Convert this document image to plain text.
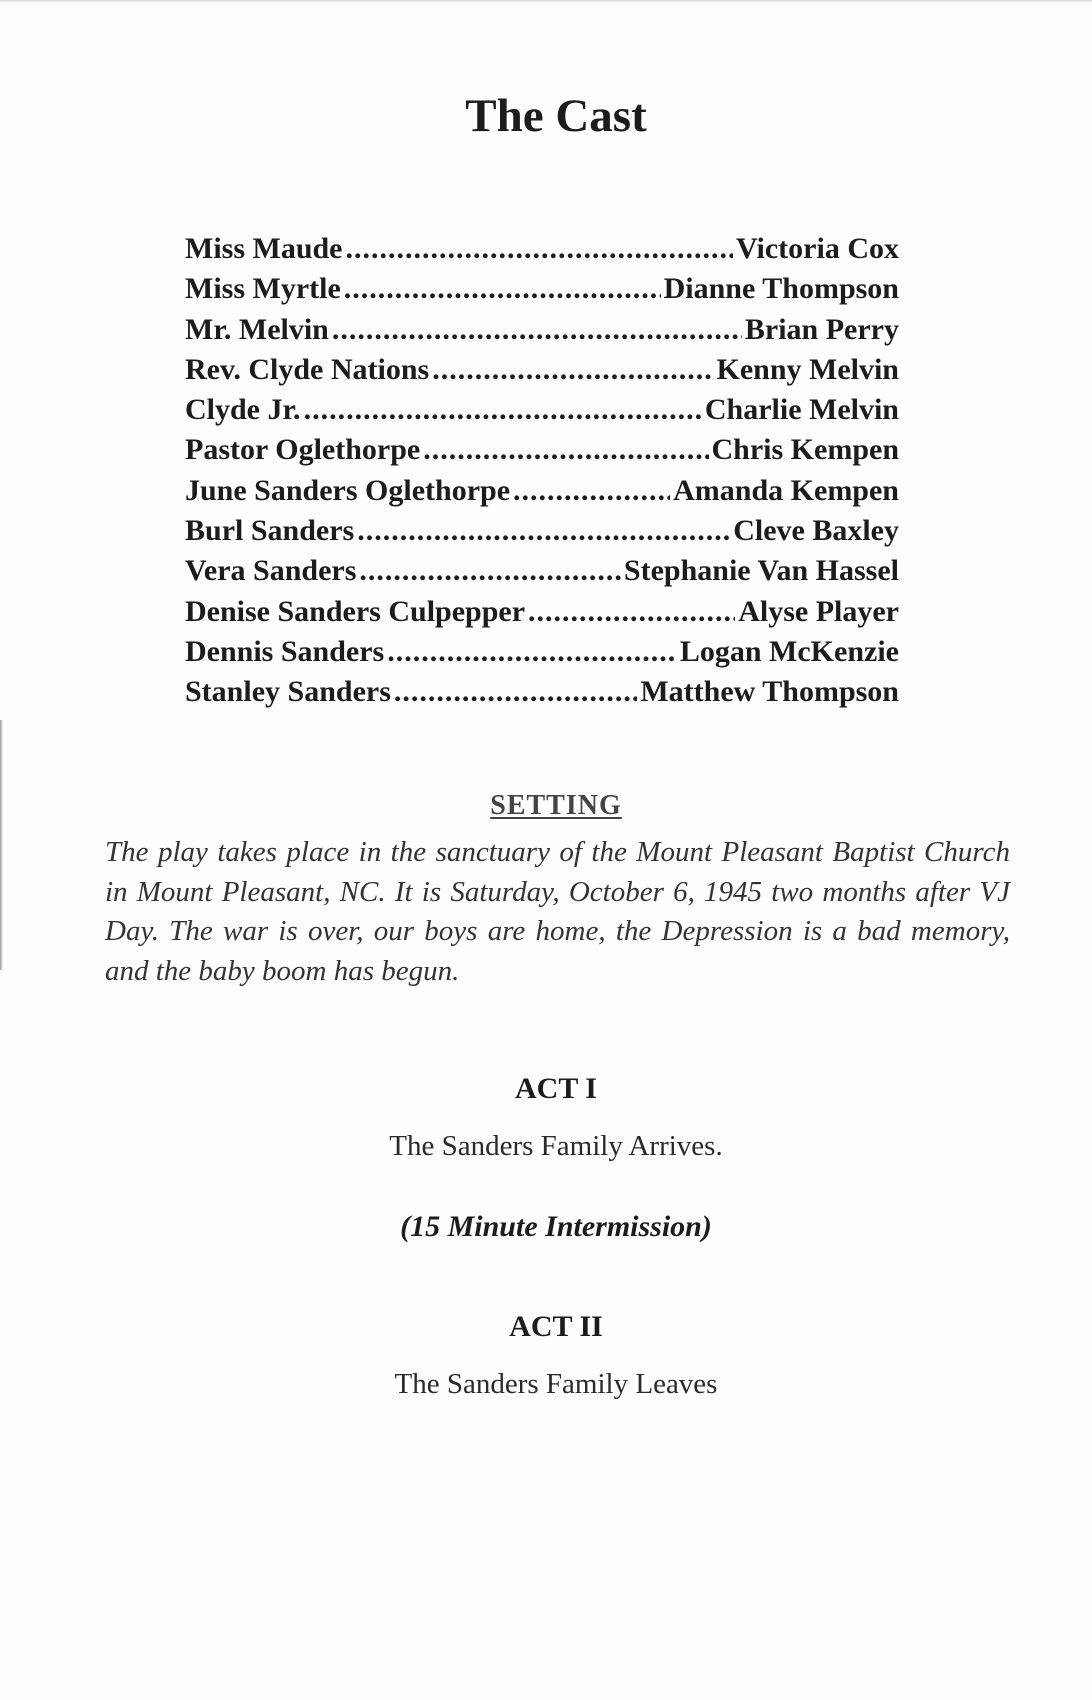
The Cast
Miss Maude .....	Victoria Cox
Miss Myrtle .....	Dianne Thompson
Mr. Melvin .....	Brian Perry
Rev. Clyde Nations .....	Kenny Melvin
Clyde Jr. .....	Charlie Melvin
Pastor Oglethorpe .....	Chris Kempen
June Sanders Oglethorpe .....	Amanda Kempen
Burl Sanders .....	Cleve Baxley
Vera Sanders .....	Stephanie Van Hassel
Denise Sanders Culpepper .....	Alyse Player
Dennis Sanders .....	Logan McKenzie
Stanley Sanders .....	Matthew Thompson
SETTING

The play takes place in the sanctuary of the Mount Pleasant Baptist Church in Mount Pleasant, NC. It is Saturday, October 6, 1945 two months after VJ Day. The war is over, our boys are home, the Depression is a bad memory, and the baby boom has begun.

ACT I

The Sanders Family Arrives.

(15 Minute Intermission)

ACT II

The Sanders Family Leaves
